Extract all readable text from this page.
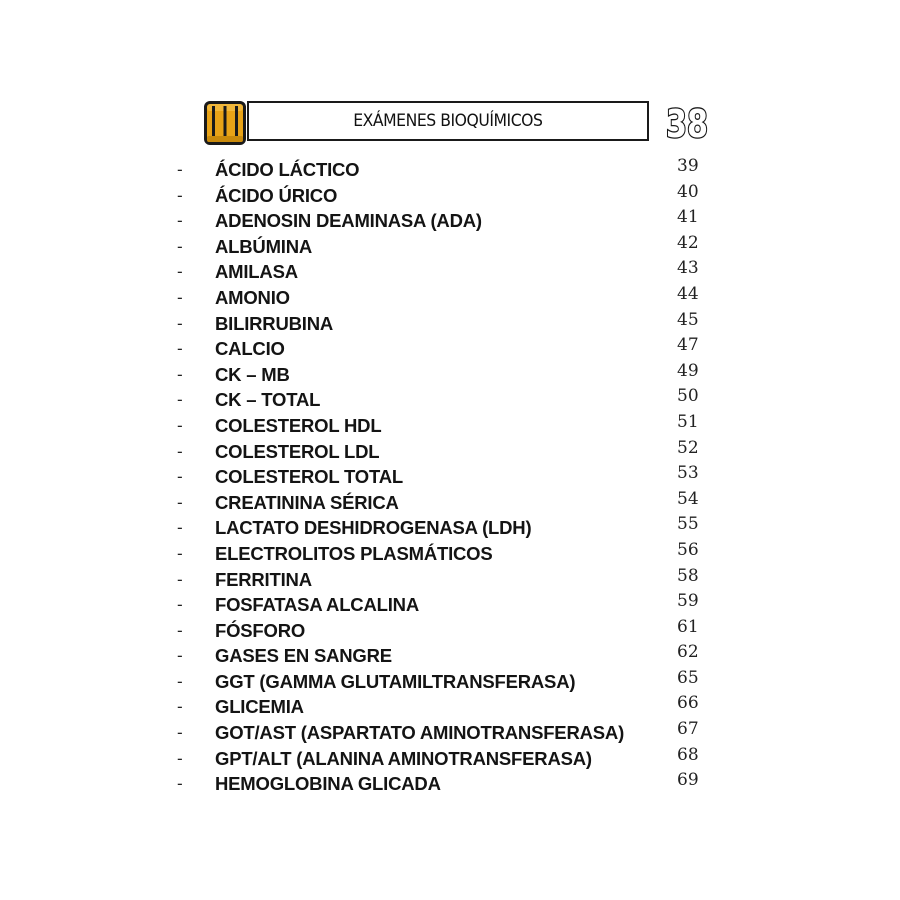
EXÁMENES BIOQUÍMICOS	38
- ÁCIDO LÁCTICO	39
- ÁCIDO ÚRICO	40
- ADENOSIN DEAMINASA (ADA)	41
- ALBÚMINA	42
- AMILASA	43
- AMONIO	44
- BILIRRUBINA	45
- CALCIO	47
- CK – MB	49
- CK – TOTAL	50
- COLESTEROL HDL	51
- COLESTEROL LDL	52
- COLESTEROL TOTAL	53
- CREATININA SÉRICA	54
- LACTATO DESHIDROGENASA (LDH)	55
- ELECTROLITOS PLASMÁTICOS	56
- FERRITINA	58
- FOSFATASA ALCALINA	59
- FÓSFORO	61
- GASES EN SANGRE	62
- GGT (GAMMA GLUTAMILTRANSFERASA)	65
- GLICEMIA	66
- GOT/AST (ASPARTATO AMINOTRANSFERASA)	67
- GPT/ALT (ALANINA AMINOTRANSFERASA)	68
- HEMOGLOBINA GLICADA	69
